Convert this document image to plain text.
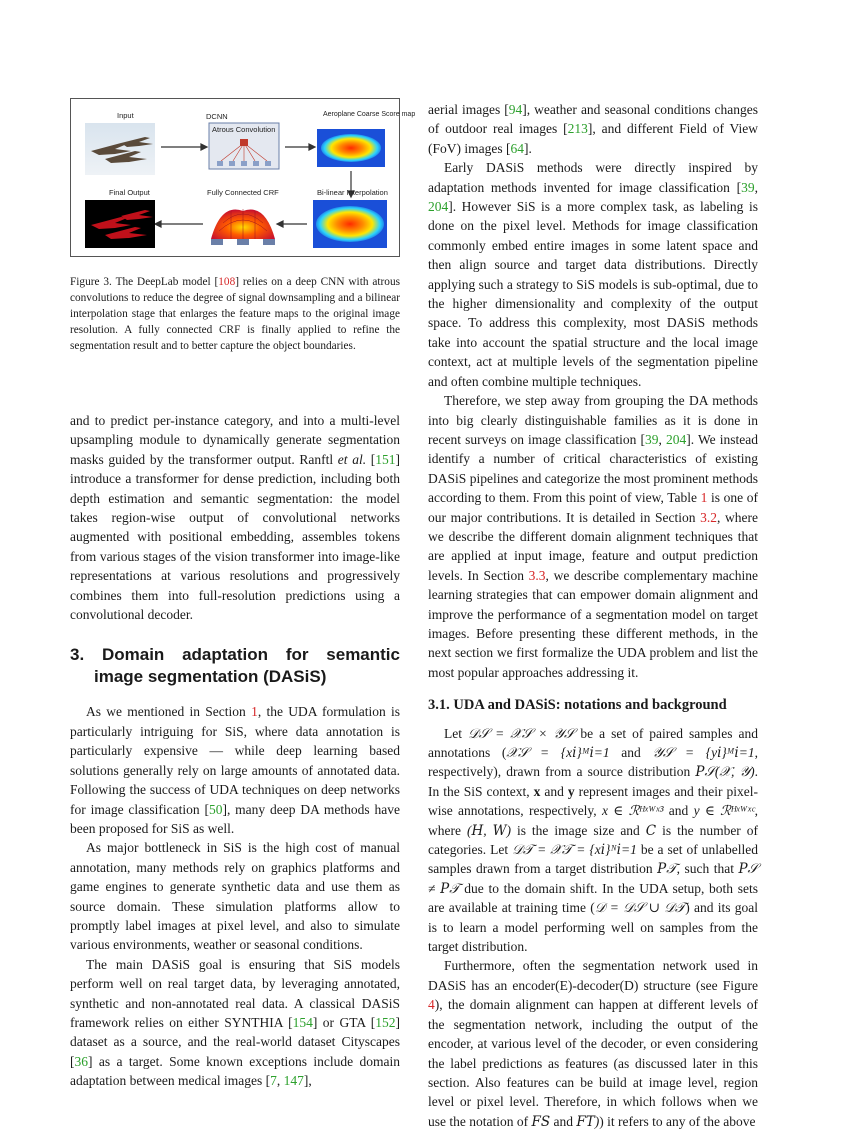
Input	DCNN
Atrous Convolution
Aeroplane Coarse Score map
Final Output	Fully Connected CRF	Bi-linear Interpolation
Figure 3. The DeepLab model [108] relies on a deep CNN with atrous convolutions to reduce the degree of signal downsampling and a bilinear interpolation stage that enlarges the feature maps to the original image resolution. A fully connected CRF is finally applied to refine the segmentation result and to better capture the object boundaries.

and to predict per-instance category, and into a multi-level upsampling module to dynamically generate segmentation masks guided by the transformer output. Ranftl et al. [151] introduce a transformer for dense prediction, including both depth estimation and semantic segmentation: the model takes region-wise output of convolutional networks augmented with positional embedding, assembles tokens from various stages of the vision transformer into image-like representations at various resolutions and progressively combines them into full-resolution predictions using a convolutional decoder.

3. Domain adaptation for semantic image segmentation (DASiS)

As we mentioned in Section 1, the UDA formulation is particularly intriguing for SiS, where data annotation is particularly expensive — while deep learning based solutions generally rely on large amounts of annotated data. Following the success of UDA techniques on deep networks for image classification [50], many deep DA methods have been proposed for SiS as well.

As major bottleneck in SiS is the high cost of manual annotation, many methods rely on graphics platforms and game engines to generate synthetic data and use them as source domain. These simulation platforms allow to promptly label images at pixel level, and also to simulate various environments, weather or seasonal conditions.

The main DASiS goal is ensuring that SiS models perform well on real target data, by leveraging annotated, synthetic and non-annotated real data. A classical DASiS framework relies on either SYNTHIA [154] or GTA [152] dataset as a source, and the real-world dataset Cityscapes [36] as a target. Some known exceptions include domain adaptation between medical images [7, 147],

aerial images [94], weather and seasonal conditions changes of outdoor real images [213], and different Field of View (FoV) images [64].

Early DASiS methods were directly inspired by adaptation methods invented for image classification [39, 204]. However SiS is a more complex task, as labeling is done on the pixel level. Methods for image classification commonly embed entire images in some latent space and then align source and target data distributions. Directly applying such a strategy to SiS models is sub-optimal, due to the higher dimensionality and complexity of the output space. To address this complexity, most DASiS methods take into account the spatial structure and the local image context, act at multiple levels of the segmentation pipeline and often combine multiple techniques.

Therefore, we step away from grouping the DA methods into big clearly distinguishable families as it is done in recent surveys on image classification [39, 204]. We instead identify a number of critical characteristics of existing DASiS pipelines and categorize the most prominent methods according to them. From this point of view, Table 1 is one of our major contributions. It is detailed in Section 3.2, where we describe the different domain alignment techniques that are applied at input image, feature and output prediction levels. In Section 3.3, we describe complementary machine learning strategies that can empower domain alignment and improve the performance of a segmentation model on target images. Before presenting these different methods, in the next section we first formalize the UDA problem and list the most popular approaches addressing it.

3.1. UDA and DASiS: notations and background

Let 𝒟𝒮 = 𝒳𝒮 × 𝒴𝒮 be a set of paired samples and annotations (𝒳𝒮 = {x𝑖}ᴹ𝑖=1 and 𝒴𝒮 = {y𝑖}ᴹ𝑖=1, respectively), drawn from a source distribution 𝑃𝒮(𝒳, 𝒴). In the SiS context, x and y represent images and their pixel-wise annotations, respectively, x ∈ ℛᴴˣᵂˣ³ and y ∈ ℛᴴˣᵂˣᶜ, where (𝐻, 𝑊) is the image size and 𝐶 is the number of categories. Let 𝒟𝒯 = 𝒳𝒯 = {x𝑖}ᴺ𝑖=1 be a set of unlabelled samples drawn from a target distribution 𝑃𝒯, such that 𝑃𝒮 ≠ 𝑃𝒯 due to the domain shift. In the UDA setup, both sets are available at training time (𝒟 = 𝒟𝒮 ∪ 𝒟𝒯) and its goal is to learn a model performing well on samples from the target distribution.

Furthermore, often the segmentation network used in DASiS has an encoder(E)-decoder(D) structure (see Figure 4), the domain alignment can happen at different levels of the segmentation network, including the output of the encoder, at various level of the decoder, or even considering the label predictions as features (as discussed later in this section. Also features can be build at image level, region level or pixel level. Therefore, in which follows when we use the notation of 𝐹𝑆 and 𝐹𝑇)) it refers to any of the above
